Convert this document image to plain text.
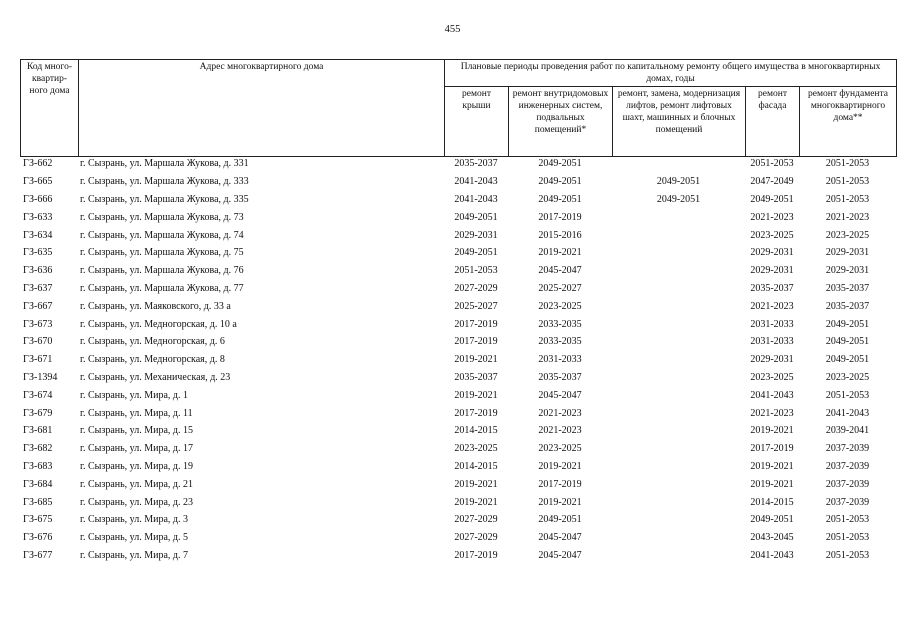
455
Код много-квартир-ного дома	Адрес многоквартирного дома	Плановые периоды проведения работ по капитальному ремонту общего имущества в многоквартирных домах, годы				
		ремонт крыши	ремонт внутридомовых инженерных систем, подвальных помещений*	ремонт, замена, модернизация лифтов, ремонт лифтовых шахт, машинных и блочных помещений	ремонт фасада	ремонт фундамента многоквартирного дома**
ГЗ-662	г. Сызрань, ул. Маршала Жукова, д. 331	2035-2037	2049-2051		2051-2053	2051-2053
ГЗ-665	г. Сызрань, ул. Маршала Жукова, д. 333	2041-2043	2049-2051	2049-2051	2047-2049	2051-2053
ГЗ-666	г. Сызрань, ул. Маршала Жукова, д. 335	2041-2043	2049-2051	2049-2051	2049-2051	2051-2053
ГЗ-633	г. Сызрань, ул. Маршала Жукова, д. 73	2049-2051	2017-2019		2021-2023	2021-2023
ГЗ-634	г. Сызрань, ул. Маршала Жукова, д. 74	2029-2031	2015-2016		2023-2025	2023-2025
ГЗ-635	г. Сызрань, ул. Маршала Жукова, д. 75	2049-2051	2019-2021		2029-2031	2029-2031
ГЗ-636	г. Сызрань, ул. Маршала Жукова, д. 76	2051-2053	2045-2047		2029-2031	2029-2031
ГЗ-637	г. Сызрань, ул. Маршала Жукова, д. 77	2027-2029	2025-2027		2035-2037	2035-2037
ГЗ-667	г. Сызрань, ул. Маяковского, д. 33 а	2025-2027	2023-2025		2021-2023	2035-2037
ГЗ-673	г. Сызрань, ул. Медногорская, д. 10 а	2017-2019	2033-2035		2031-2033	2049-2051
ГЗ-670	г. Сызрань, ул. Медногорская, д. 6	2017-2019	2033-2035		2031-2033	2049-2051
ГЗ-671	г. Сызрань, ул. Медногорская, д. 8	2019-2021	2031-2033		2029-2031	2049-2051
ГЗ-1394	г. Сызрань, ул. Механическая, д. 23	2035-2037	2035-2037		2023-2025	2023-2025
ГЗ-674	г. Сызрань, ул. Мира, д. 1	2019-2021	2045-2047		2041-2043	2051-2053
ГЗ-679	г. Сызрань, ул. Мира, д. 11	2017-2019	2021-2023		2021-2023	2041-2043
ГЗ-681	г. Сызрань, ул. Мира, д. 15	2014-2015	2021-2023		2019-2021	2039-2041
ГЗ-682	г. Сызрань, ул. Мира, д. 17	2023-2025	2023-2025		2017-2019	2037-2039
ГЗ-683	г. Сызрань, ул. Мира, д. 19	2014-2015	2019-2021		2019-2021	2037-2039
ГЗ-684	г. Сызрань, ул. Мира, д. 21	2019-2021	2017-2019		2019-2021	2037-2039
ГЗ-685	г. Сызрань, ул. Мира, д. 23	2019-2021	2019-2021		2014-2015	2037-2039
ГЗ-675	г. Сызрань, ул. Мира, д. 3	2027-2029	2049-2051		2049-2051	2051-2053
ГЗ-676	г. Сызрань, ул. Мира, д. 5	2027-2029	2045-2047		2043-2045	2051-2053
ГЗ-677	г. Сызрань, ул. Мира, д. 7	2017-2019	2045-2047		2041-2043	2051-2053
